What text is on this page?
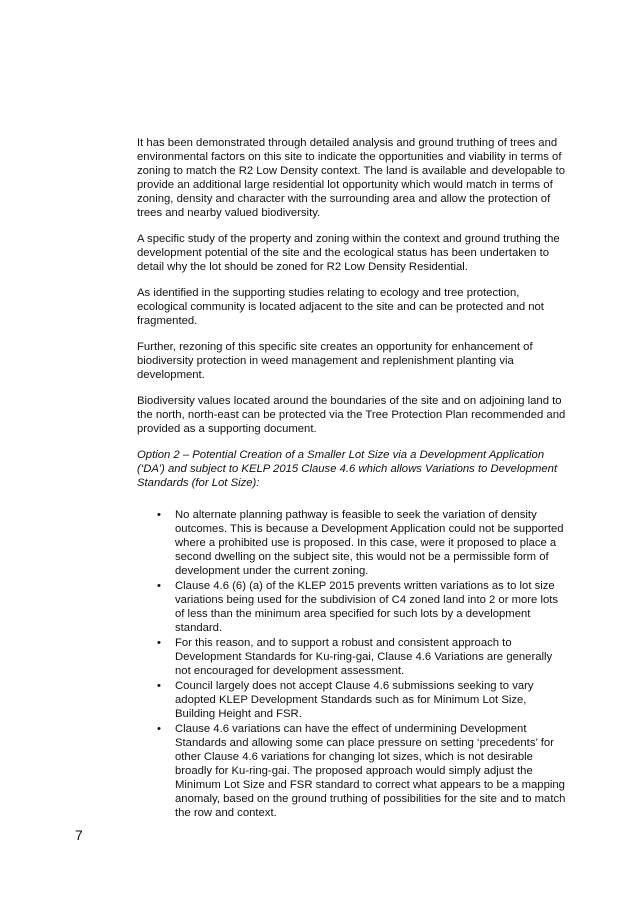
It has been demonstrated through detailed analysis and ground truthing of trees and environmental factors on this site to indicate the opportunities and viability in terms of zoning to match the R2 Low Density context. The land is available and developable to provide an additional large residential lot opportunity which would match in terms of zoning, density and character with the surrounding area and allow the protection of trees and nearby valued biodiversity.

A specific study of the property and zoning within the context and ground truthing the development potential of the site and the ecological status has been undertaken to detail why the lot should be zoned for R2 Low Density Residential.

As identified in the supporting studies relating to ecology and tree protection, ecological community is located adjacent to the site and can be protected and not fragmented.

Further, rezoning of this specific site creates an opportunity for enhancement of biodiversity protection in weed management and replenishment planting via development.

Biodiversity values located around the boundaries of the site and on adjoining land to the north, north-east can be protected via the Tree Protection Plan recommended and provided as a supporting document.

Option 2 – Potential Creation of a Smaller Lot Size via a Development Application (‘DA’) and subject to KELP 2015 Clause 4.6 which allows Variations to Development Standards (for Lot Size):

• No alternate planning pathway is feasible to seek the variation of density outcomes. This is because a Development Application could not be supported where a prohibited use is proposed. In this case, were it proposed to place a second dwelling on the subject site, this would not be a permissible form of development under the current zoning.
• Clause 4.6 (6) (a) of the KLEP 2015 prevents written variations as to lot size variations being used for the subdivision of C4 zoned land into 2 or more lots of less than the minimum area specified for such lots by a development standard.
• For this reason, and to support a robust and consistent approach to Development Standards for Ku-ring-gai, Clause 4.6 Variations are generally not encouraged for development assessment.
• Council largely does not accept Clause 4.6 submissions seeking to vary adopted KLEP Development Standards such as for Minimum Lot Size, Building Height and FSR.
• Clause 4.6 variations can have the effect of undermining Development Standards and allowing some can place pressure on setting ‘precedents’ for other Clause 4.6 variations for changing lot sizes, which is not desirable broadly for Ku-ring-gai. The proposed approach would simply adjust the Minimum Lot Size and FSR standard to correct what appears to be a mapping anomaly, based on the ground truthing of possibilities for the site and to match the row and context.
7
